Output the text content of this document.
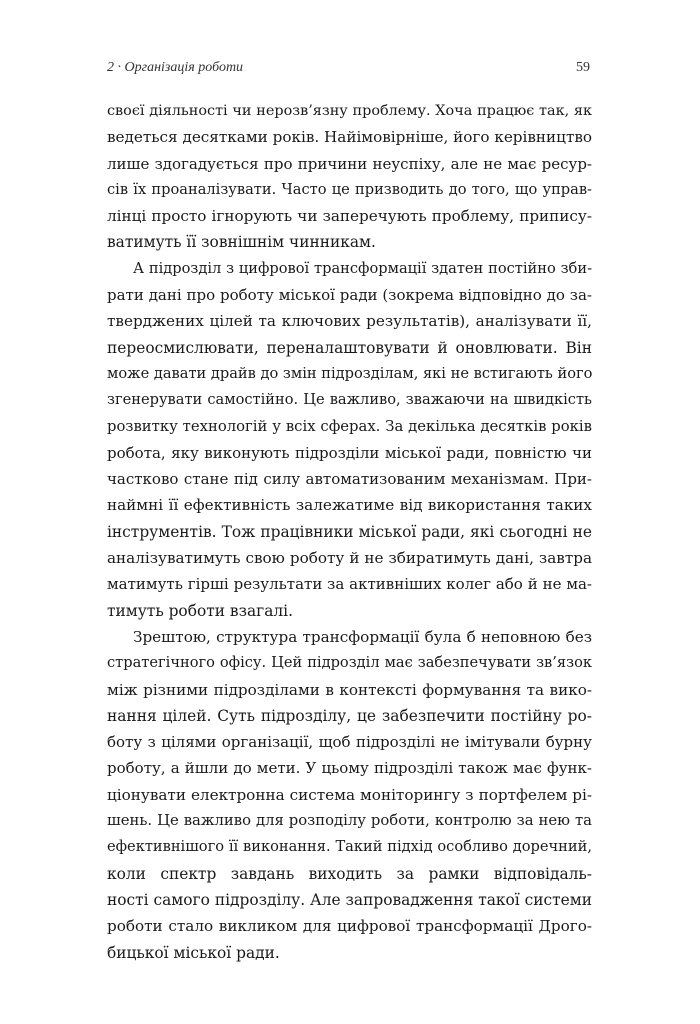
2 · Організація роботи	59
своєї діяльності чи нерозв’язну проблему. Хоча працює так, як
ведеться десятками років. Найімовірніше, його керівництво
лише здогадується про причини неуспіху, але не має ресур-
сів їх проаналізувати. Часто це призводить до того, що управ-
лінці просто ігнорують чи заперечують проблему, припису-
ватимуть її зовнішнім чинникам.
А підрозділ з цифрової трансформації здатен постійно зби-
рати дані про роботу міської ради (зокрема відповідно до за-
тверджених цілей та ключових результатів), аналізувати її,
переосмислювати, переналаштовувати й оновлювати. Він
може давати драйв до змін підрозділам, які не встигають його
згенерувати самостійно. Це важливо, зважаючи на швидкість
розвитку технологій у всіх сферах. За декілька десятків років
робота, яку виконують підрозділи міської ради, повністю чи
частково стане під силу автоматизованим механізмам. При-
наймні її ефективність залежатиме від використання таких
інструментів. Тож працівники міської ради, які сьогодні не
аналізуватимуть свою роботу й не збиратимуть дані, завтра
матимуть гірші результати за активніших колег або й не ма-
тимуть роботи взагалі.
Зрештою, структура трансформації була б неповною без
стратегічного офісу. Цей підрозділ має забезпечувати зв’язок
між різними підрозділами в контексті формування та вико-
нання цілей. Суть підрозділу, це забезпечити постійну ро-
боту з цілями організації, щоб підрозділі не імітували бурну
роботу, а йшли до мети. У цьому підрозділі також має функ-
ціонувати електронна система моніторингу з портфелем рі-
шень. Це важливо для розподілу роботи, контролю за нею та
ефективнішого її виконання. Такий підхід особливо доречний,
коли спектр завдань виходить за рамки відповідаль-
ності самого підрозділу. Але запровадження такої системи
роботи стало викликом для цифрової трансформації Дрого-
бицької міської ради.
